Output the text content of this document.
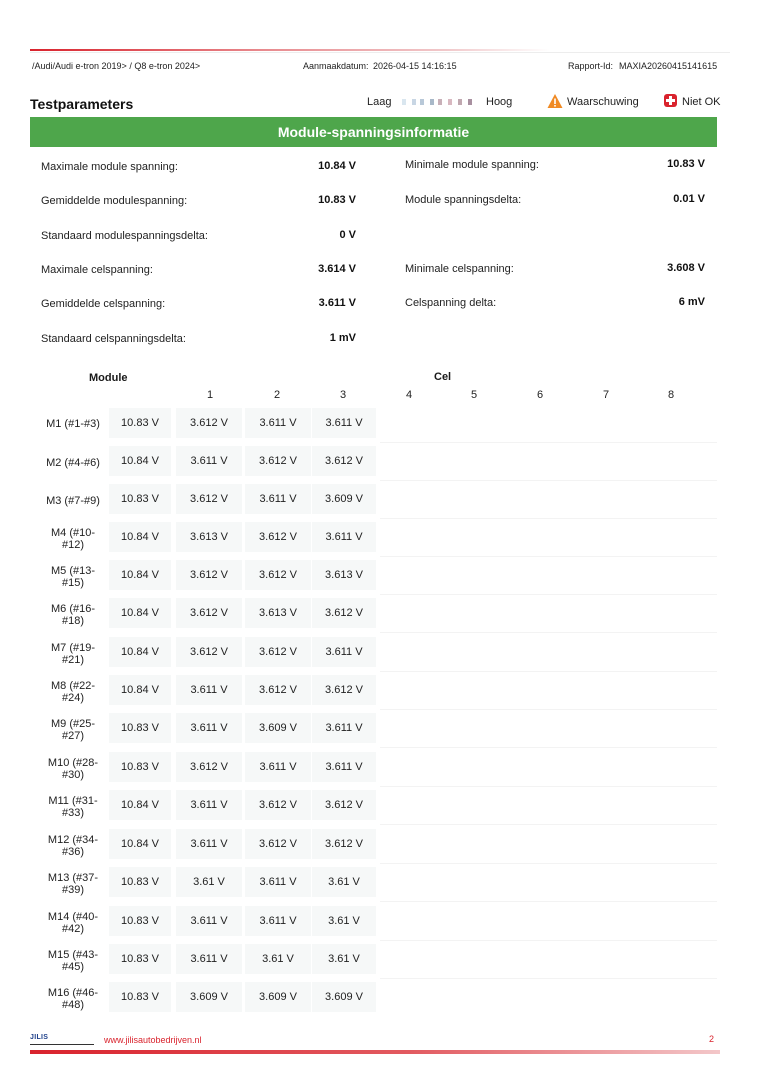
/Audi/Audi e-tron 2019> / Q8 e-tron 2024>	Aanmaakdatum: 2026-04-15 14:16:15	Rapport-Id: MAXIA20260415141615
Testparameters	Laag	Hoog	Waarschuwing	Niet OK
Module-spanningsinformatie
Maximale module spanning:	10.84 V
Gemiddelde modulespanning:	10.83 V
Standaard modulespanningsdelta:	0 V
Maximale celspanning:	3.614 V
Gemiddelde celspanning:	3.611 V
Standaard celspanningsdelta:	1 mV
Minimale module spanning:	10.83 V
Module spanningsdelta:	0.01 V
Minimale celspanning:	3.608 V
Celspanning delta:	6 mV
Module	Cel
1	2	3	4	5	6	7	8
M1 (#1-#3)	10.83 V	3.612 V	3.611 V	3.611 V
M2 (#4-#6)	10.84 V	3.611 V	3.612 V	3.612 V
M3 (#7-#9)	10.83 V	3.612 V	3.611 V	3.609 V
M4 (#10-#12)
10.84 V	3.613 V	3.612 V	3.611 V
M5 (#13-#15)
10.84 V	3.612 V	3.612 V	3.613 V
M6 (#16-#18)
10.84 V	3.612 V	3.613 V	3.612 V
M7 (#19-#21)
10.84 V	3.612 V	3.612 V	3.611 V
M8 (#22-#24)
10.84 V	3.611 V	3.612 V	3.612 V
M9 (#25-#27)
10.83 V	3.611 V	3.609 V	3.611 V
M10 (#28-#30)
10.83 V	3.612 V	3.611 V	3.611 V
M11 (#31-#33)
10.84 V	3.611 V	3.612 V	3.612 V
M12 (#34-#36)
10.84 V	3.611 V	3.612 V	3.612 V
M13 (#37-#39)
10.83 V	3.61 V	3.611 V	3.61 V
M14 (#40-#42)
10.83 V	3.611 V	3.611 V	3.61 V
M15 (#43-#45)
10.83 V	3.611 V	3.61 V	3.61 V
M16 (#46-#48)
10.83 V	3.609 V	3.609 V	3.609 V
JILIS	www.jilisautobedrijven.nl	2
